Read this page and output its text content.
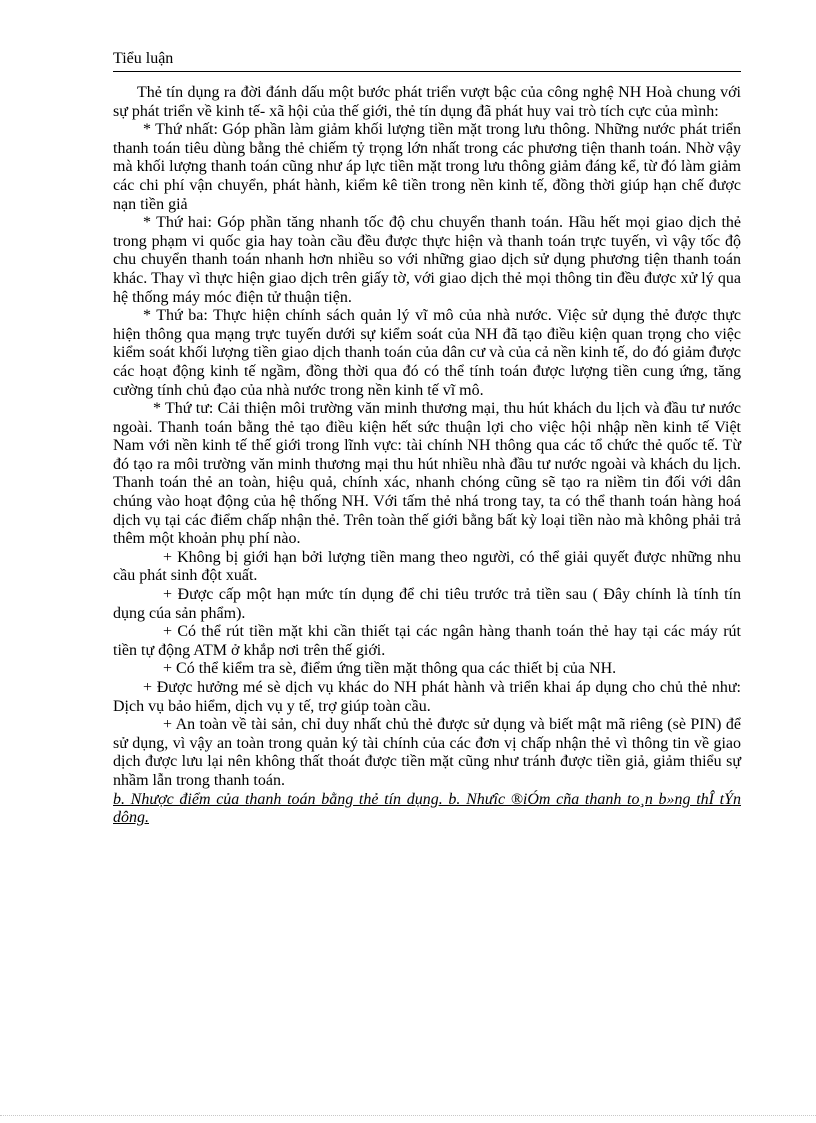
Tiểu luận

Thẻ tín dụng ra đời đánh dấu một bước phát triển vượt bậc của công nghệ NH Hoà chung với sự phát triển về kinh tế- xã hội của thế giới, thẻ tín dụng đã phát huy vai trò tích cực của mình:

* Thứ nhất: Góp phần làm giảm khối lượng tiền mặt trong lưu thông. Những nước phát triển thanh toán tiêu dùng bằng thẻ chiếm tỷ trọng lớn nhất trong các phương tiện thanh toán. Nhờ vậy mà khối lượng thanh toán cũng như áp lực tiền mặt trong lưu thông giảm đáng kể, từ đó làm giảm các chi phí vận chuyển, phát hành, kiểm kê tiền trong nền kinh tế, đồng thời giúp hạn chế được nạn tiền giả

* Thứ hai: Góp phần tăng nhanh tốc độ chu chuyển thanh toán. Hầu hết mọi giao dịch thẻ trong phạm vi quốc gia hay toàn cầu đều được thực hiện và thanh toán trực tuyến, vì vậy tốc độ chu chuyển thanh toán nhanh hơn nhiều so với những giao dịch sử dụng phương tiện thanh toán khác. Thay vì thực hiện giao dịch trên giấy tờ, với giao dịch thẻ mọi thông tin đều được xử lý qua hệ thống máy móc điện tử thuận tiện.

* Thứ ba: Thực hiện chính sách quản lý vĩ mô của nhà nước. Việc sử dụng thẻ được thực hiện thông qua mạng trực tuyến dưới sự kiểm soát của NH đã tạo điều kiện quan trọng cho việc kiểm soát khối lượng tiền giao dịch thanh toán của dân cư và của cả nền kinh tế, do đó giảm được các hoạt động kinh tế ngầm, đồng thời qua đó có thể tính toán được lượng tiền cung ứng, tăng cường tính chủ đạo của nhà nước trong nền kinh tế vĩ mô.

* Thứ tư: Cải thiện môi trường văn minh thương mại, thu hút khách du lịch và đầu tư nước ngoài. Thanh toán bằng thẻ tạo điều kiện hết sức thuận lợi cho việc hội nhập nền kinh tế Việt Nam với nền kinh tế thế giới trong lĩnh vực: tài chính NH thông qua các tổ chức thẻ quốc tế. Từ đó tạo ra môi trường văn minh thương mại thu hút nhiều nhà đầu tư nước ngoài và khách du lịch. Thanh toán thẻ an toàn, hiệu quả, chính xác, nhanh chóng cũng sẽ tạo ra niềm tin đối với dân chúng vào hoạt động của hệ thống NH. Với tấm thẻ nhá trong tay, ta có thể thanh toán hàng hoá dịch vụ tại các điểm chấp nhận thẻ. Trên toàn thế giới bằng bất kỳ loại tiền nào mà không phải trả thêm một khoản phụ phí nào.

+ Không bị giới hạn bởi lượng tiền mang theo người, có thể giải quyết được những nhu cầu phát sinh đột xuất.

+ Được cấp một hạn mức tín dụng để chi tiêu trước trả tiền sau ( Đây chính là tính tín dụng cúa sản phẩm).

+ Có thể rút tiền mặt khi cần thiết tại các ngân hàng thanh toán thẻ hay tại các máy rút tiền tự động ATM ở khắp nơi trên thế giới.

+ Có thể kiểm tra sè, điểm ứng tiền mặt thông qua các thiết bị của NH.

+ Được hưởng mé sè dịch vụ khác do NH phát hành và triển khai áp dụng cho chủ thẻ như: Dịch vụ bảo hiểm, dịch vụ y tế, trợ giúp toàn cầu.

+ An toàn về tài sản, chỉ duy nhất chủ thẻ được sử dụng và biết mật mã riêng (sè PIN) để sử dụng, vì vậy an toàn trong quản ký tài chính của các đơn vị chấp nhận thẻ vì thông tin về giao dịch được lưu lại nên không thất thoát được tiền mặt cũng như tránh được tiền giả, giảm thiểu sự nhầm lẫn trong thanh toán.

b. Nhược điểm của thanh toán bằng thẻ tín dụng. b. Nhưîc ®iÓm cña thanh to¸n b»ng thÎ tÝn dông.
